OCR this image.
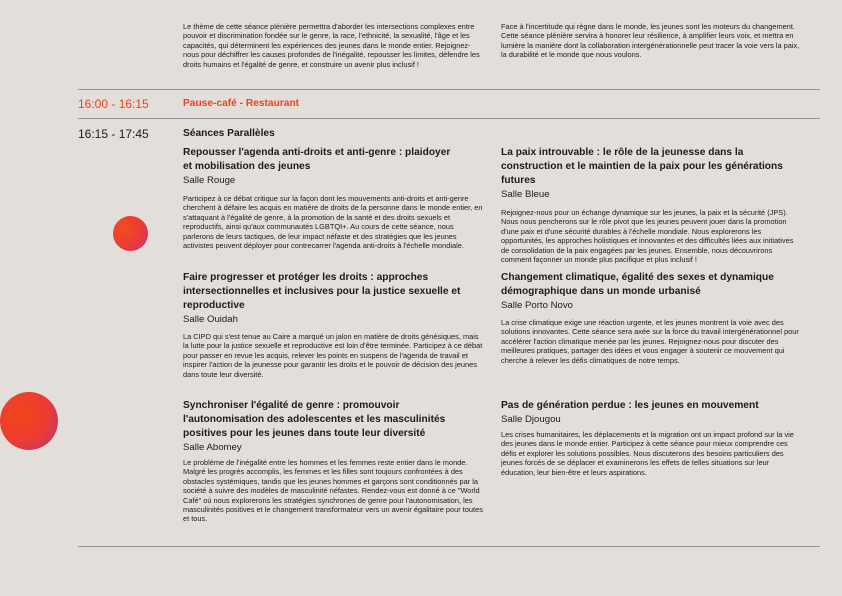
Le thème de cette séance plénière permettra d'aborder les intersections complexes entre pouvoir et discrimination fondée sur le genre, la race, l'ethnicité, la sexualité, l'âge et les capacités, qui déterminent les expériences des jeunes dans le monde entier. Rejoignez-nous pour déchiffrer les causes profondes de l'inégalité, repousser les limites, défendre les droits humains et l'égalité de genre, et construire un avenir plus inclusif !

Face à l'incertitude qui règne dans le monde, les jeunes sont les moteurs du changement. Cette séance plénière servira à honorer leur résilience, à amplifier leurs voix, et mettra en lumière la manière dont la collaboration intergénérationnelle peut tracer la voie vers la paix, la durabilité et le monde que nous voulons.

16:00 - 16:15	Pause-café - Restaurant
16:15 - 17:45	Séances Parallèles

Repousser l'agenda anti-droits et anti-genre : plaidoyer et mobilisation des jeunes

Salle Rouge

Participez à ce débat critique sur la façon dont les mouvements anti-droits et anti-genre cherchent à défaire les acquis en matière de droits de la personne dans le monde entier, en s'attaquant à l'égalité de genre, à la promotion de la santé et des droits sexuels et reproductifs, ainsi qu'aux communautés LGBTQI+. Au cours de cette séance, nous parlerons de leurs tactiques, de leur impact néfaste et des stratégies que les jeunes activistes peuvent déployer pour contrecarrer l'agenda anti-droits à l'échelle mondiale.

La paix introuvable : le rôle de la jeunesse dans la construction et le maintien de la paix pour les générations futures

Salle Bleue

Rejoignez-nous pour un échange dynamique sur les jeunes, la paix et la sécurité (JPS). Nous nous pencherons sur le rôle pivot que les jeunes peuvent jouer dans la promotion d'une paix et d'une sécurité durables à l'échelle mondiale. Nous explorerons les opportunités, les approches holistiques et innovantes et des difficultés liées aux initiatives de consolidation de la paix engagées par les jeunes. Ensemble, nous découvrirons comment façonner un monde plus pacifique et plus inclusif !

Faire progresser et protéger les droits : approches intersectionnelles et inclusives pour la justice sexuelle et reproductive

Salle Ouidah

La CIPD qui s'est tenue au Caire a marqué un jalon en matière de droits génésiques, mais la lutte pour la justice sexuelle et reproductive est loin d'être terminée. Participez à ce débat pour passer en revue les acquis, relever les points en suspens de l'agenda de travail et inspirer l'action de la jeunesse pour garantir les droits et le pouvoir de décision des jeunes dans toute leur diversité.

Changement climatique, égalité des sexes et dynamique démographique dans un monde urbanisé

Salle Porto Novo

La crise climatique exige une réaction urgente, et les jeunes montrent la voie avec des solutions innovantes. Cette séance sera axée sur la force du travail intergénérationnel pour accélérer l'action climatique menée par les jeunes. Rejoignez-nous pour discuter des meilleures pratiques, partager des idées et vous engager à soutenir ce mouvement qui cherche à relever les défis climatiques de notre temps.

Synchroniser l'égalité de genre : promouvoir l'autonomisation des adolescentes et les masculinités positives pour les jeunes dans toute leur diversité

Salle Abomey

Le problème de l'inégalité entre les hommes et les femmes reste entier dans le monde. Malgré les progrès accomplis, les femmes et les filles sont toujours confrontées à des obstacles systémiques, tandis que les jeunes hommes et garçons sont conditionnés par la société à suivre des modèles de masculinité néfastes. Rendez-vous est donné à ce "World Café" où nous explorerons les stratégies synchrones de genre pour l'autonomisation, les masculinités positives et le changement transformateur vers un avenir égalitaire pour toutes et tous.

Pas de génération perdue : les jeunes en mouvement

Salle Djougou

Les crises humanitaires, les déplacements et la migration ont un impact profond sur la vie des jeunes dans le monde entier. Participez à cette séance pour mieux comprendre ces défis et explorer les solutions possibles. Nous discuterons des besoins particuliers des jeunes forcés de se déplacer et examinerons les effets de telles situations sur leur éducation, leur bien-être et leurs aspirations.
